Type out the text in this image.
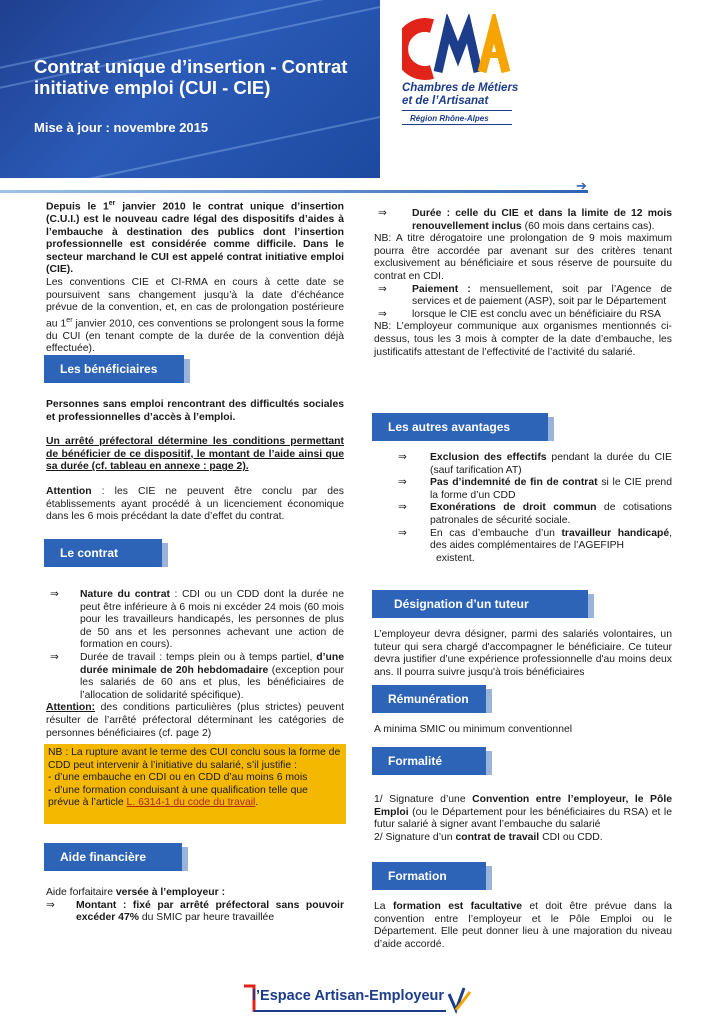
Contrat unique d’insertion - Contrat
initiative emploi (CUI - CIE)
Mise à jour : novembre 2015
Chambres de Métiers
et de l’Artisanat
Région Rhône-Alpes
➔

Depuis le 1er janvier 2010 le contrat unique d’insertion (C.U.I.) est le nouveau cadre légal des dispositifs d’aides à l’embauche à destination des publics dont l’insertion professionnelle est considérée comme difficile. Dans le secteur marchand le CUI est appelé contrat initiative emploi (CIE).

Les conventions CIE et CI-RMA en cours à cette date se poursuivent sans changement jusqu’à la date d’échéance prévue de la convention, et, en cas de prolongation postérieure au 1er janvier 2010, ces conventions se prolongent sous la forme du CUI (en tenant compte de la durée de la convention déjà effectuée).

Les bénéficiaires

Personnes sans emploi rencontrant des difficultés sociales et professionnelles d’accès à l’emploi.

Un arrêté préfectoral détermine les conditions permettant de bénéficier de ce dispositif, le montant de l’aide ainsi que sa durée (cf. tableau en annexe : page 2).

Attention : les CIE ne peuvent être conclu par des établissements ayant procédé à un licenciement économique dans les 6 mois précédant la date d’effet du contrat.

Le contrat
⇒	Nature du contrat : CDI ou un CDD dont la durée ne peut être inférieure à 6 mois ni excéder 24 mois (60 mois pour les travailleurs handicapés, les personnes de plus de 50 ans et les personnes achevant une action de formation en cours).
⇒	Durée de travail : temps plein ou à temps partiel, d’une durée minimale de 20h hebdomadaire (exception pour les salariés de 60 ans et plus, les bénéficiaires de l’allocation de solidarité spécifique).

Attention: des conditions particulières (plus strictes) peuvent résulter de l’arrêté préfectoral déterminant les catégories de personnes bénéficiaires (cf. page 2)

NB : La rupture avant le terme des CUI conclu sous la forme de CDD peut intervenir à l’initiative du salarié, s’il justifie :

- d’une embauche en CDI ou en CDD d’au moins 6 mois

- d’une formation conduisant à une qualification telle que prévue à l’article L. 6314-1 du code du travail.

Aide financière

Aide forfaitaire versée à l’employeur :

⇒	Montant : fixé par arrêté préfectoral sans pouvoir excéder 47% du SMIC par heure travaillée
⇒	Durée : celle du CIE et dans la limite de 12 mois renouvellement inclus (60 mois dans certains cas).

NB: A titre dérogatoire une prolongation de 9 mois maximum pourra être accordée par avenant sur des critères tenant exclusivement au bénéficiaire et sous réserve de poursuite du contrat en CDI.

⇒	Paiement : mensuellement, soit par l’Agence de services et de paiement (ASP), soit par le Département
⇒	lorsque le CIE est conclu avec un bénéficiaire du RSA

NB: L’employeur communique aux organismes mentionnés ci-dessus, tous les 3 mois à compter de la date d’embauche, les justificatifs attestant de l’effectivité de l’activité du salarié.

Les autres avantages
⇒	Exclusion des effectifs pendant la durée du CIE (sauf tarification AT)
⇒	Pas d’indemnité de fin de contrat si le CIE prend la forme d’un CDD
⇒	Exonérations de droit commun de cotisations patronales de sécurité sociale.
⇒	En cas d’embauche d’un travailleur handicapé, des aides complémentaires de l’AGEFIPH
existent.
Désignation d’un tuteur
L’employeur devra désigner, parmi des salariés volontaires, un tuteur qui sera chargé d'accompagner le bénéficiaire. Ce tuteur devra justifier d’une expérience professionnelle d'au moins deux ans. Il pourra suivre jusqu'à trois bénéficiaires
Rémunération
A minima SMIC ou minimum conventionnel
Formalité

1/ Signature d’une Convention entre l’employeur, le Pôle Emploi (ou le Département pour les bénéficiaires du RSA) et le futur salarié à signer avant l’embauche du salarié

2/ Signature d’un contrat de travail CDI ou CDD.

Formation

La formation est facultative et doit être prévue dans la convention entre l’employeur et le Pôle Emploi ou le Département. Elle peut donner lieu à une majoration du niveau d’aide accordé.

l’Espace Artisan-Employeur
